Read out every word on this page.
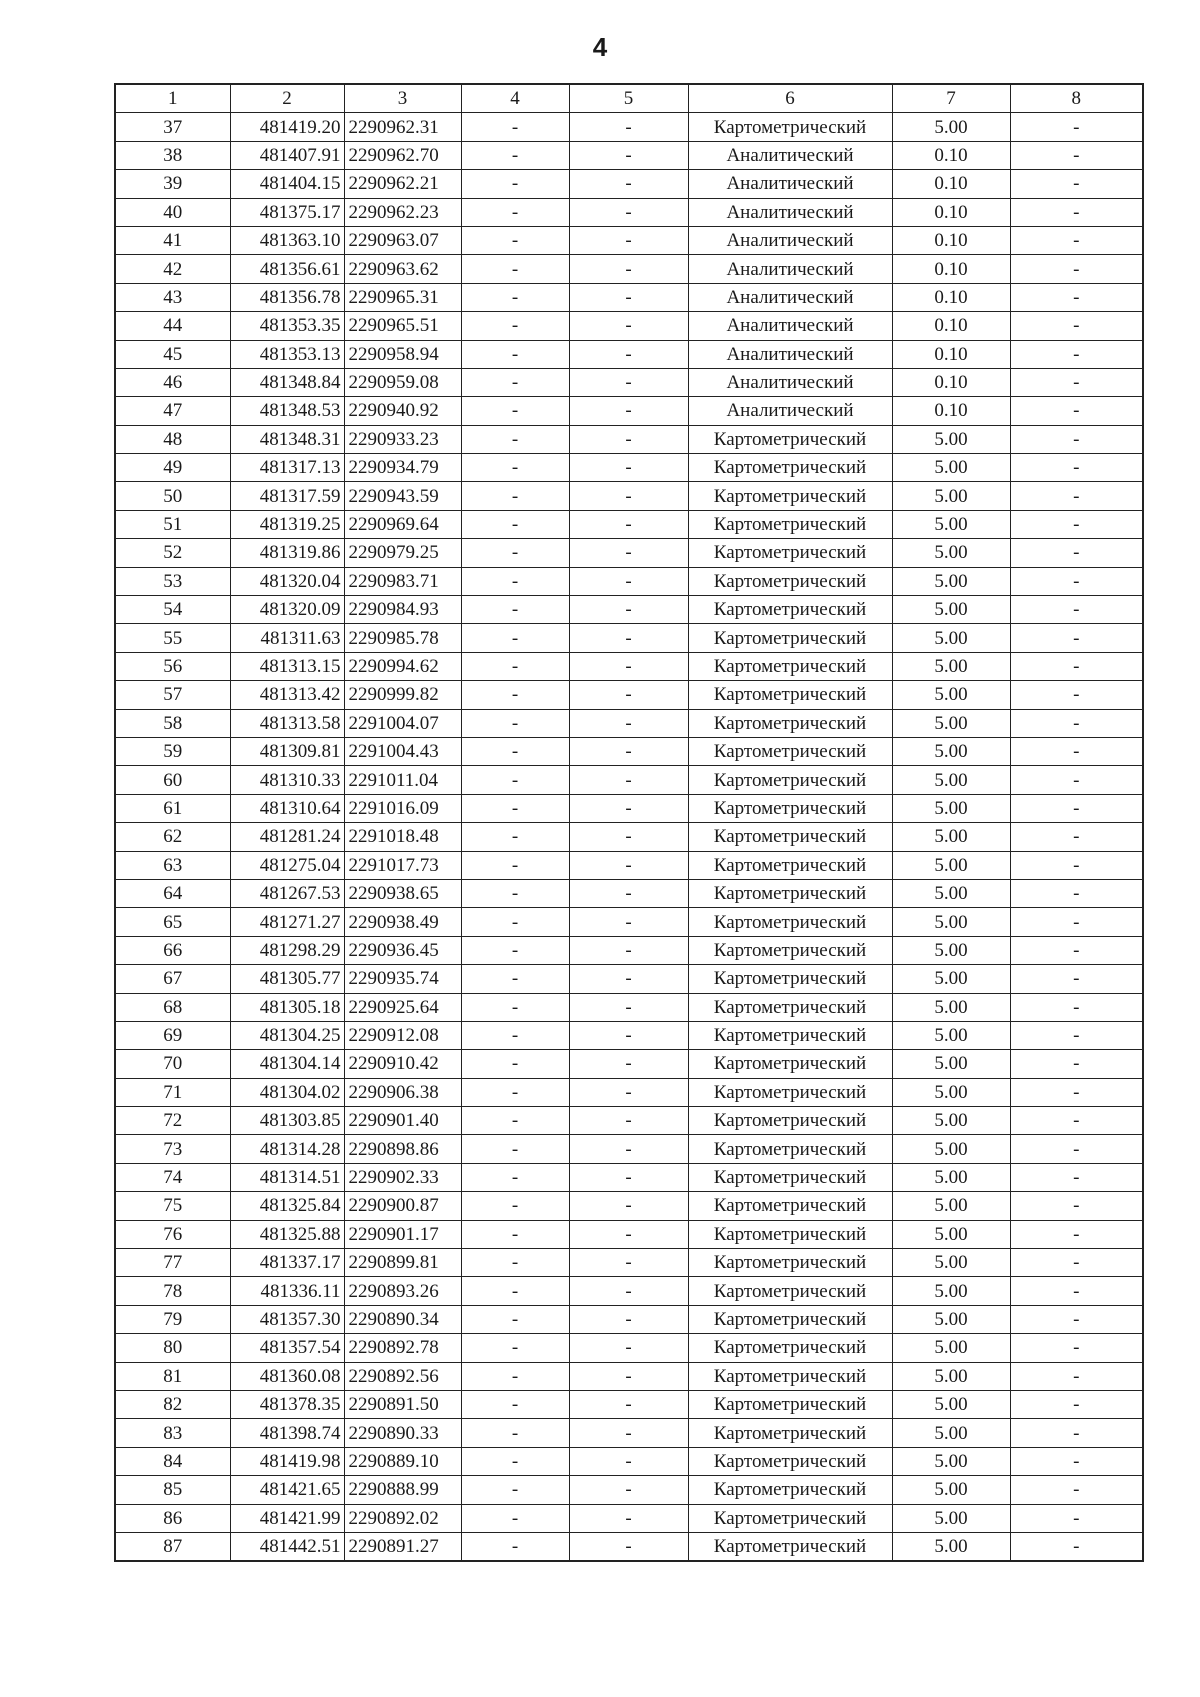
4
1	2	3	4	5	6	7	8
37	481419.20	2290962.31	-	-	Картометрический	5.00	-
38	481407.91	2290962.70	-	-	Аналитический	0.10	-
39	481404.15	2290962.21	-	-	Аналитический	0.10	-
40	481375.17	2290962.23	-	-	Аналитический	0.10	-
41	481363.10	2290963.07	-	-	Аналитический	0.10	-
42	481356.61	2290963.62	-	-	Аналитический	0.10	-
43	481356.78	2290965.31	-	-	Аналитический	0.10	-
44	481353.35	2290965.51	-	-	Аналитический	0.10	-
45	481353.13	2290958.94	-	-	Аналитический	0.10	-
46	481348.84	2290959.08	-	-	Аналитический	0.10	-
47	481348.53	2290940.92	-	-	Аналитический	0.10	-
48	481348.31	2290933.23	-	-	Картометрический	5.00	-
49	481317.13	2290934.79	-	-	Картометрический	5.00	-
50	481317.59	2290943.59	-	-	Картометрический	5.00	-
51	481319.25	2290969.64	-	-	Картометрический	5.00	-
52	481319.86	2290979.25	-	-	Картометрический	5.00	-
53	481320.04	2290983.71	-	-	Картометрический	5.00	-
54	481320.09	2290984.93	-	-	Картометрический	5.00	-
55	481311.63	2290985.78	-	-	Картометрический	5.00	-
56	481313.15	2290994.62	-	-	Картометрический	5.00	-
57	481313.42	2290999.82	-	-	Картометрический	5.00	-
58	481313.58	2291004.07	-	-	Картометрический	5.00	-
59	481309.81	2291004.43	-	-	Картометрический	5.00	-
60	481310.33	2291011.04	-	-	Картометрический	5.00	-
61	481310.64	2291016.09	-	-	Картометрический	5.00	-
62	481281.24	2291018.48	-	-	Картометрический	5.00	-
63	481275.04	2291017.73	-	-	Картометрический	5.00	-
64	481267.53	2290938.65	-	-	Картометрический	5.00	-
65	481271.27	2290938.49	-	-	Картометрический	5.00	-
66	481298.29	2290936.45	-	-	Картометрический	5.00	-
67	481305.77	2290935.74	-	-	Картометрический	5.00	-
68	481305.18	2290925.64	-	-	Картометрический	5.00	-
69	481304.25	2290912.08	-	-	Картометрический	5.00	-
70	481304.14	2290910.42	-	-	Картометрический	5.00	-
71	481304.02	2290906.38	-	-	Картометрический	5.00	-
72	481303.85	2290901.40	-	-	Картометрический	5.00	-
73	481314.28	2290898.86	-	-	Картометрический	5.00	-
74	481314.51	2290902.33	-	-	Картометрический	5.00	-
75	481325.84	2290900.87	-	-	Картометрический	5.00	-
76	481325.88	2290901.17	-	-	Картометрический	5.00	-
77	481337.17	2290899.81	-	-	Картометрический	5.00	-
78	481336.11	2290893.26	-	-	Картометрический	5.00	-
79	481357.30	2290890.34	-	-	Картометрический	5.00	-
80	481357.54	2290892.78	-	-	Картометрический	5.00	-
81	481360.08	2290892.56	-	-	Картометрический	5.00	-
82	481378.35	2290891.50	-	-	Картометрический	5.00	-
83	481398.74	2290890.33	-	-	Картометрический	5.00	-
84	481419.98	2290889.10	-	-	Картометрический	5.00	-
85	481421.65	2290888.99	-	-	Картометрический	5.00	-
86	481421.99	2290892.02	-	-	Картометрический	5.00	-
87	481442.51	2290891.27	-	-	Картометрический	5.00	-
